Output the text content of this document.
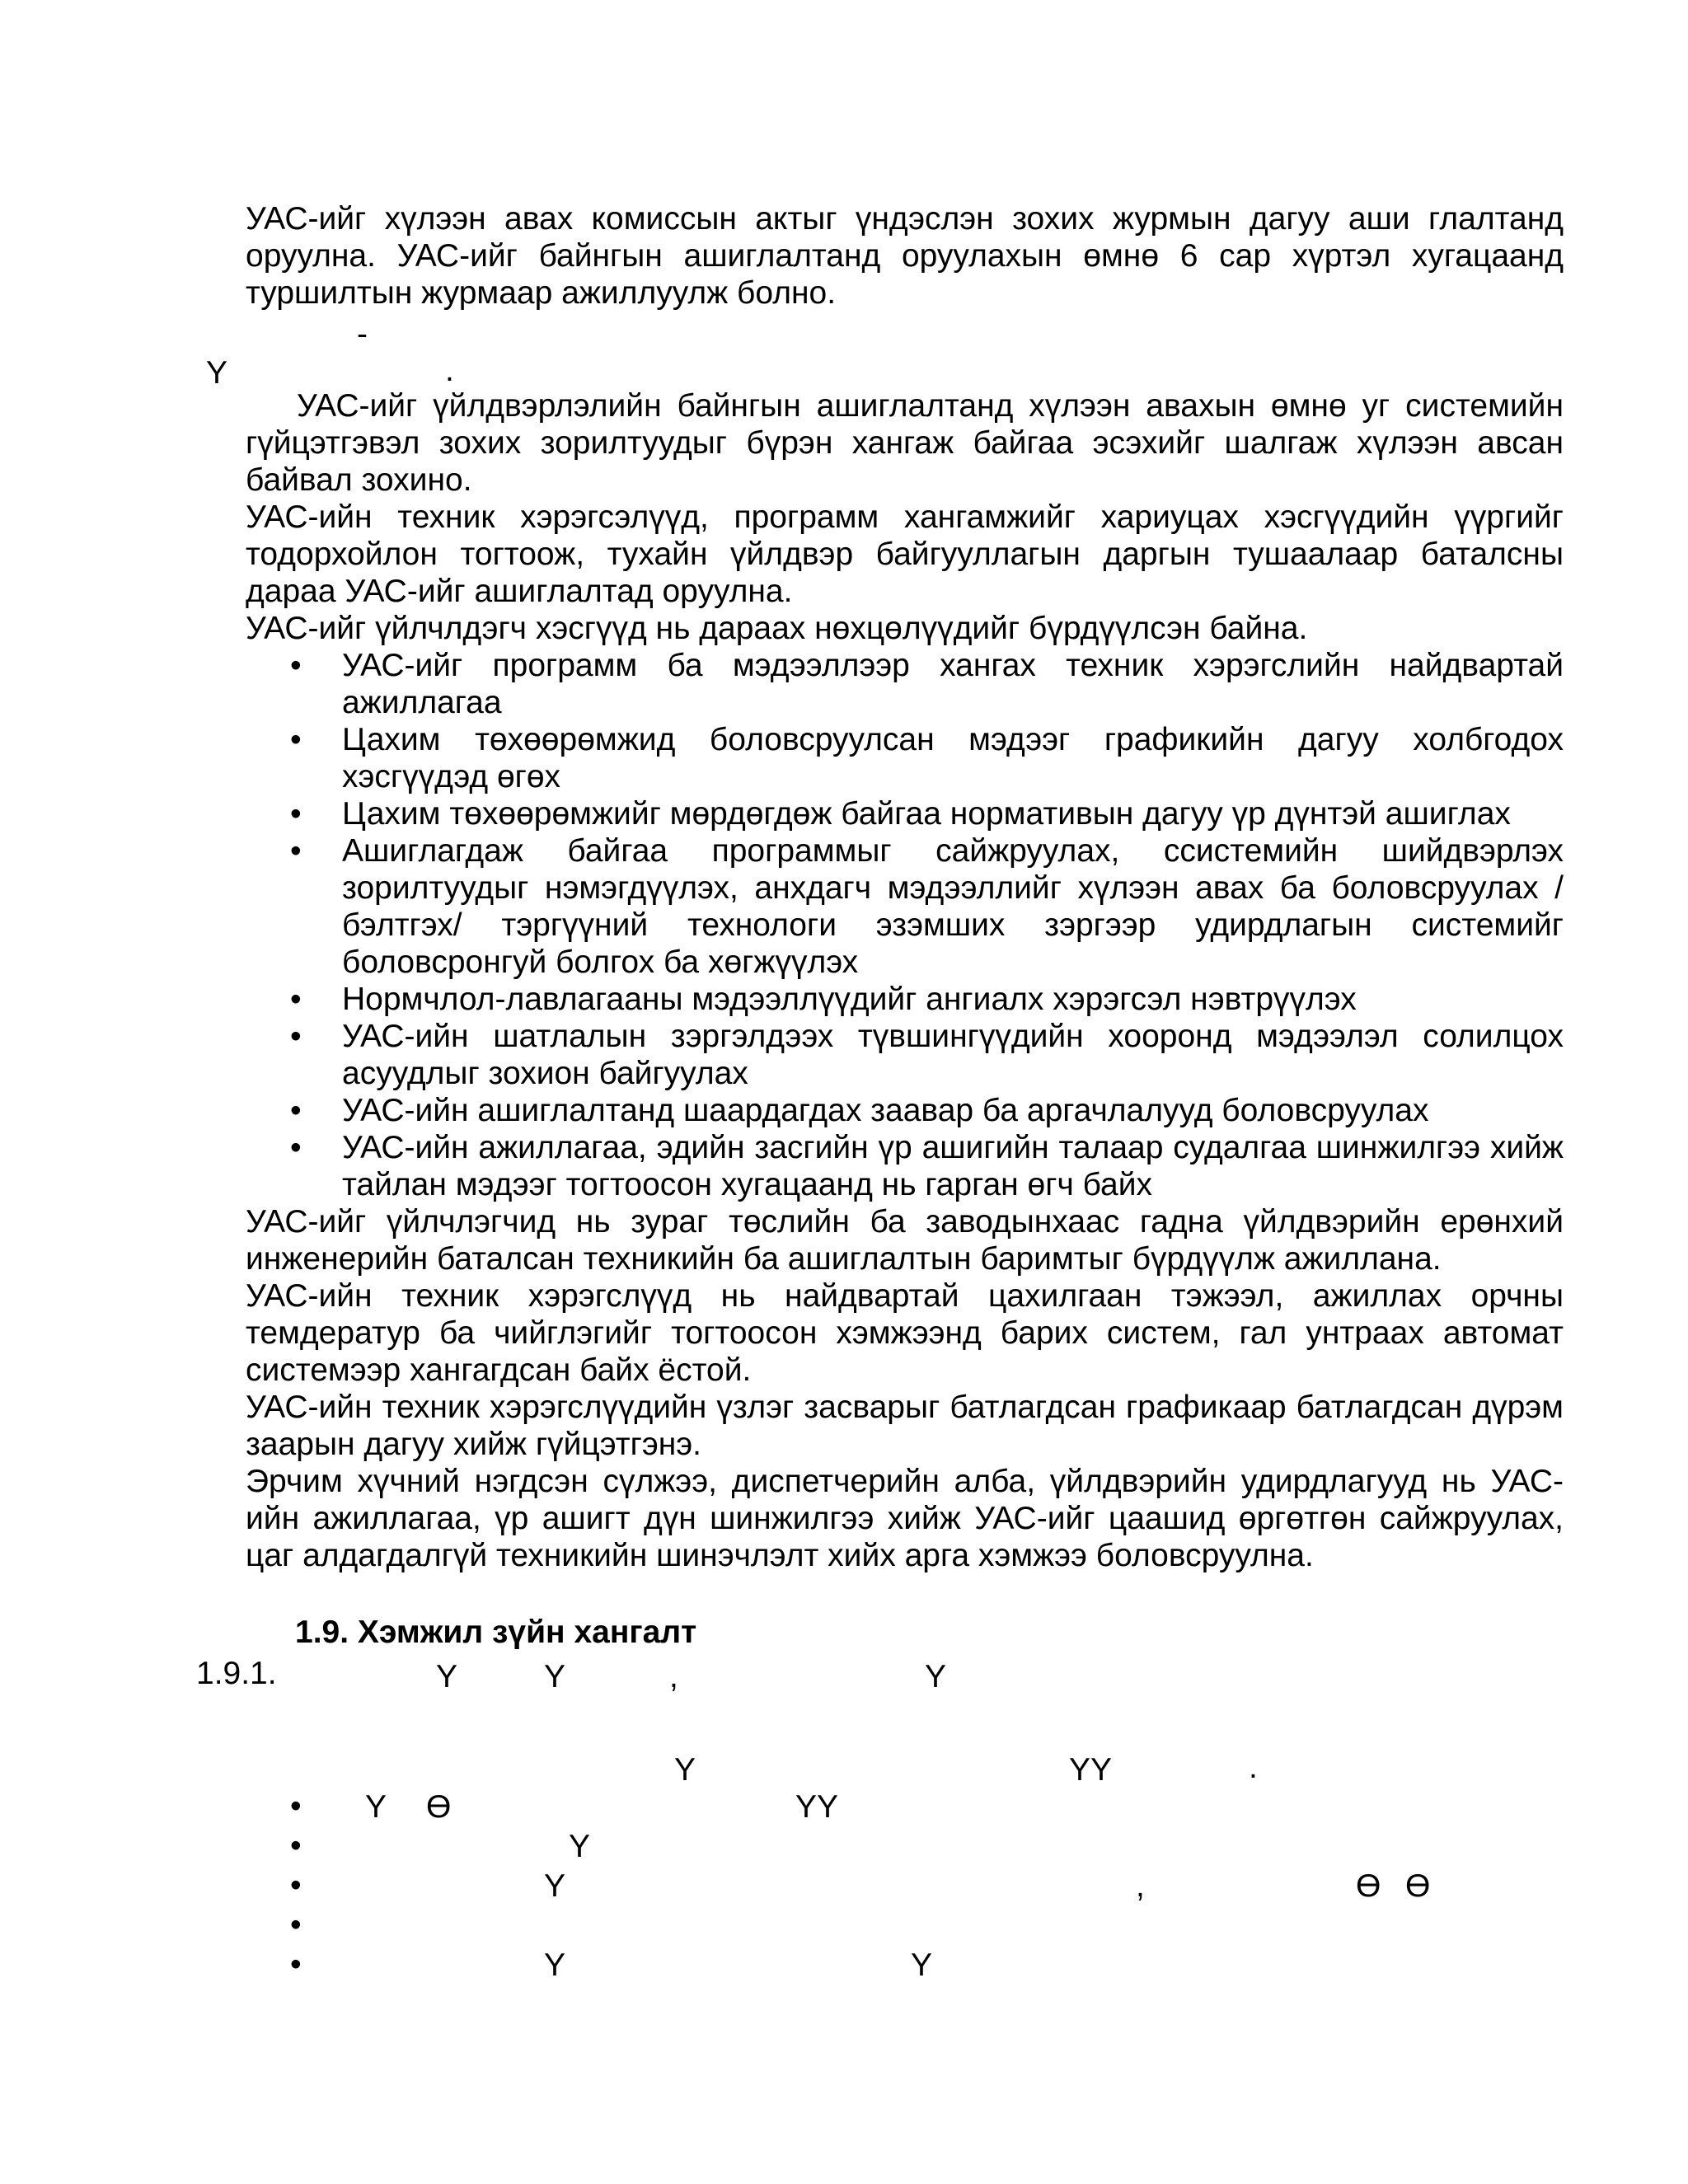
УАС-ийг хүлээн авах комиссын актыг үндэслэн зохих журмын дагуу аши глалтанд оруулна. УАС-ийг байнгын ашиглалтанд оруулахын өмнө 6 сар хүртэл хугацаанд туршилтын журмаар ажиллуулж болно.
-
Y	.
УАС-ийг үйлдвэрлэлийн байнгын ашиглалтанд хүлээн авахын өмнө уг системийн гүйцэтгэвэл зохих зорилтуудыг бүрэн хангаж байгаа эсэхийг шалгаж хүлээн авсан байвал зохино.
УАС-ийн техник хэрэгсэлүүд, программ хангамжийг хариуцах хэсгүүдийн үүргийг тодорхойлон тогтоож, тухайн үйлдвэр байгууллагын даргын тушаалаар баталсны дараа УАС-ийг ашиглалтад оруулна.
УАС-ийг үйлчлдэгч хэсгүүд нь дараах нөхцөлүүдийг бүрдүүлсэн байна.
• УАС-ийг программ ба мэдээллээр хангах техник хэрэгслийн найдвартай ажиллагаа
• Цахим төхөөрөмжид боловсруулсан мэдээг графикийн дагуу холбгодох хэсгүүдэд өгөх
• Цахим төхөөрөмжийг мөрдөгдөж байгаа нормативын дагуу үр дүнтэй ашиглах
• Ашиглагдаж байгаа программыг сайжруулах, ссистемийн шийдвэрлэх зорилтуудыг нэмэгдүүлэх, анхдагч мэдээллийг хүлээн авах ба боловсруулах /бэлтгэх/ тэргүүний технологи эзэмших зэргээр удирдлагын системийг боловсронгуй болгох ба хөгжүүлэх
• Нормчлол-лавлагааны мэдээллүүдийг ангиалх хэрэгсэл нэвтрүүлэх
• УАС-ийн шатлалын зэргэлдээх түвшингүүдийн хооронд мэдээлэл солилцох асуудлыг зохион байгуулах
• УАС-ийн ашиглалтанд шаардагдах заавар ба аргачлалууд боловсруулах
• УАС-ийн ажиллагаа, эдийн засгийн үр ашигийн талаар судалгаа шинжилгээ хийж тайлан мэдээг тогтоосон хугацаанд нь гарган өгч байх
УАС-ийг үйлчлэгчид нь зураг төслийн ба заводынхаас гадна үйлдвэрийн ерөнхий инженерийн баталсан техникийн ба ашиглалтын баримтыг бүрдүүлж ажиллана.
УАС-ийн техник хэрэгслүүд нь найдвартай цахилгаан тэжээл, ажиллах орчны темдератур ба чийглэгийг тогтоосон хэмжээнд барих систем, гал унтраах автомат системээр хангагдсан байх ёстой.
УАС-ийн техник хэрэгслүүдийн үзлэг засварыг батлагдсан графикаар батлагдсан дүрэм заарын дагуу хийж гүйцэтгэнэ.
Эрчим хүчний нэгдсэн сүлжээ, диспетчерийн алба, үйлдвэрийн удирдлагууд нь УАС-ийн ажиллагаа, үр ашигт дүн шинжилгээ хийж УАС-ийг цаашид өргөтгөн сайжруулах, цаг алдагдалгүй техникийн шинэчлэлт хийх арга хэмжээ боловсруулна.
1.9. Хэмжил зүйн хангалт
1.9.1.	Y	Y	,	Y
Y	YY	.
•
•
•
•
•
Y Ө	YY
Y
Y	,	Ө Ө
Y	Y
